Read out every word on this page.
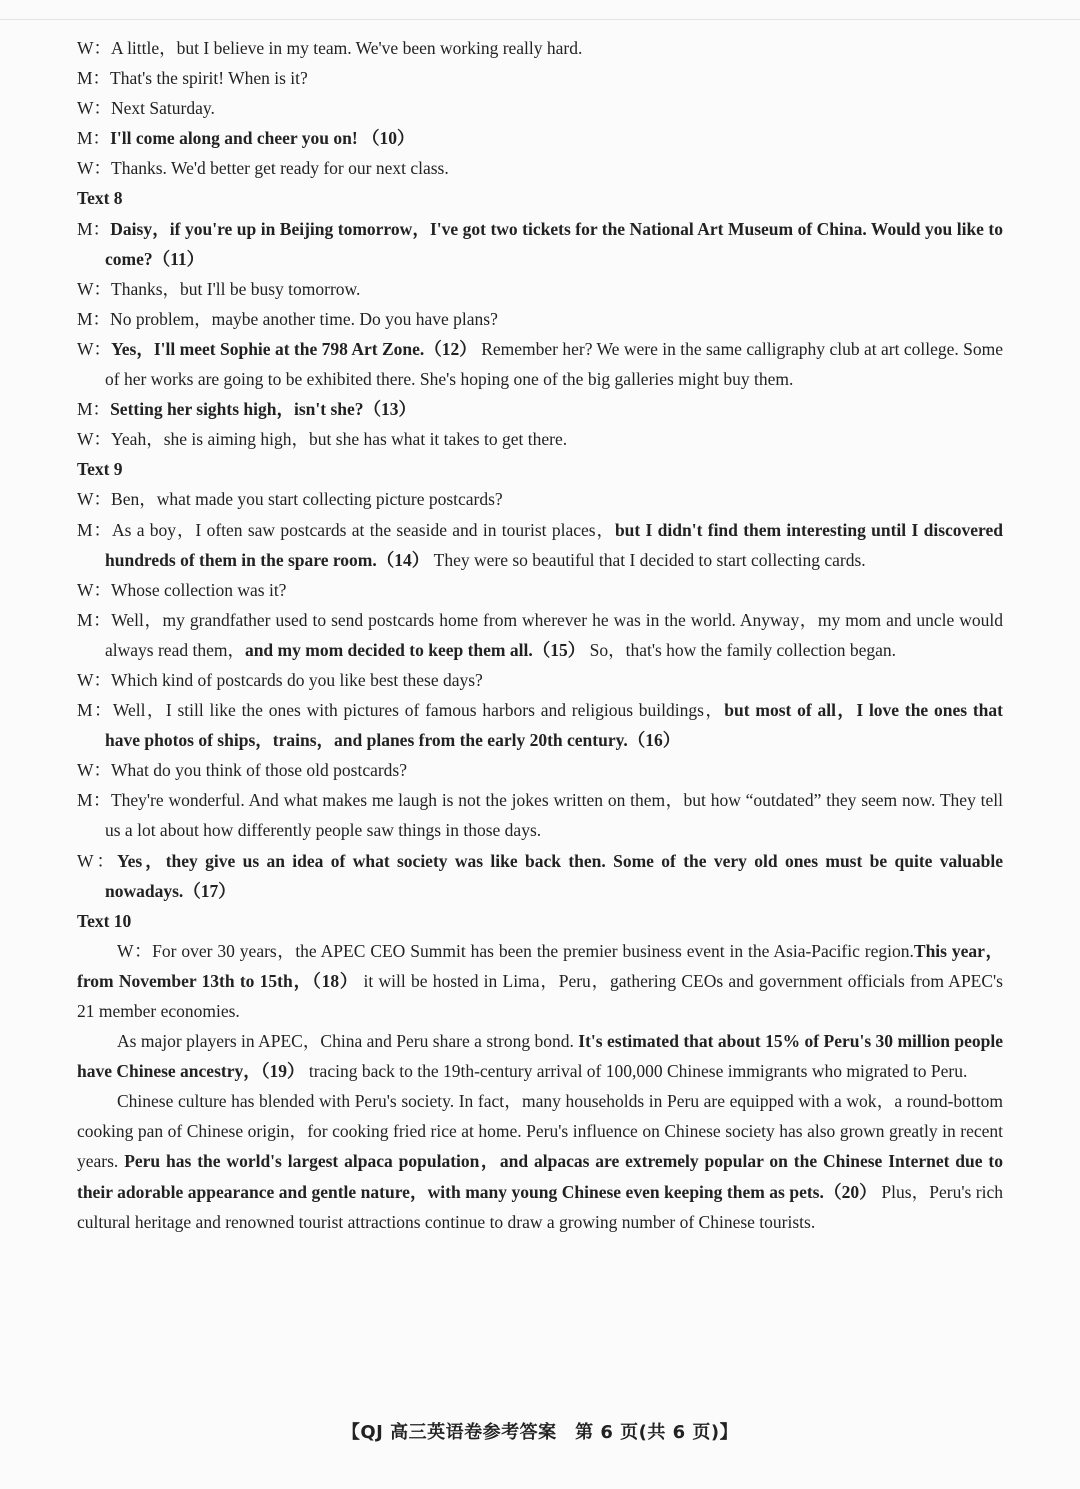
W：A little，but I believe in my team. We've been working really hard.
M：That's the spirit! When is it?
W：Next Saturday.
M：I'll come along and cheer you on! （10）
W：Thanks. We'd better get ready for our next class.
Text 8
M：Daisy，if you're up in Beijing tomorrow，I've got two tickets for the National Art Museum of China. Would you like to come?（11）
W：Thanks，but I'll be busy tomorrow.
M：No problem，maybe another time. Do you have plans?
W：Yes，I'll meet Sophie at the 798 Art Zone.（12） Remember her? We were in the same calligraphy club at art college. Some of her works are going to be exhibited there. She's hoping one of the big galleries might buy them.
M：Setting her sights high，isn't she?（13）
W：Yeah，she is aiming high，but she has what it takes to get there.
Text 9
W：Ben，what made you start collecting picture postcards?
M：As a boy，I often saw postcards at the seaside and in tourist places，but I didn't find them interesting until I discovered hundreds of them in the spare room.（14） They were so beautiful that I decided to start collecting cards.
W：Whose collection was it?
M：Well，my grandfather used to send postcards home from wherever he was in the world. Anyway，my mom and uncle would always read them，and my mom decided to keep them all.（15） So，that's how the family collection began.
W：Which kind of postcards do you like best these days?
M：Well，I still like the ones with pictures of famous harbors and religious buildings，but most of all，I love the ones that have photos of ships，trains，and planes from the early 20th century.（16）
W：What do you think of those old postcards?
M：They're wonderful. And what makes me laugh is not the jokes written on them，but how “outdated” they seem now. They tell us a lot about how differently people saw things in those days.
W：Yes，they give us an idea of what society was like back then. Some of the very old ones must be quite valuable nowadays.（17）
Text 10
W：For over 30 years，the APEC CEO Summit has been the premier business event in the Asia-Pacific region.This year，from November 13th to 15th，（18） it will be hosted in Lima，Peru，gathering CEOs and government officials from APEC's 21 member economies.
As major players in APEC，China and Peru share a strong bond. It's estimated that about 15% of Peru's 30 million people have Chinese ancestry，（19） tracing back to the 19th-century arrival of 100,000 Chinese immigrants who migrated to Peru.
Chinese culture has blended with Peru's society. In fact，many households in Peru are equipped with a wok，a round-bottom cooking pan of Chinese origin，for cooking fried rice at home. Peru's influence on Chinese society has also grown greatly in recent years. Peru has the world's largest alpaca population，and alpacas are extremely popular on the Chinese Internet due to their adorable appearance and gentle nature，with many young Chinese even keeping them as pets.（20） Plus，Peru's rich cultural heritage and renowned tourist attractions continue to draw a growing number of Chinese tourists.
【QJ 高三英语卷参考答案　第 6 页(共 6 页)】
